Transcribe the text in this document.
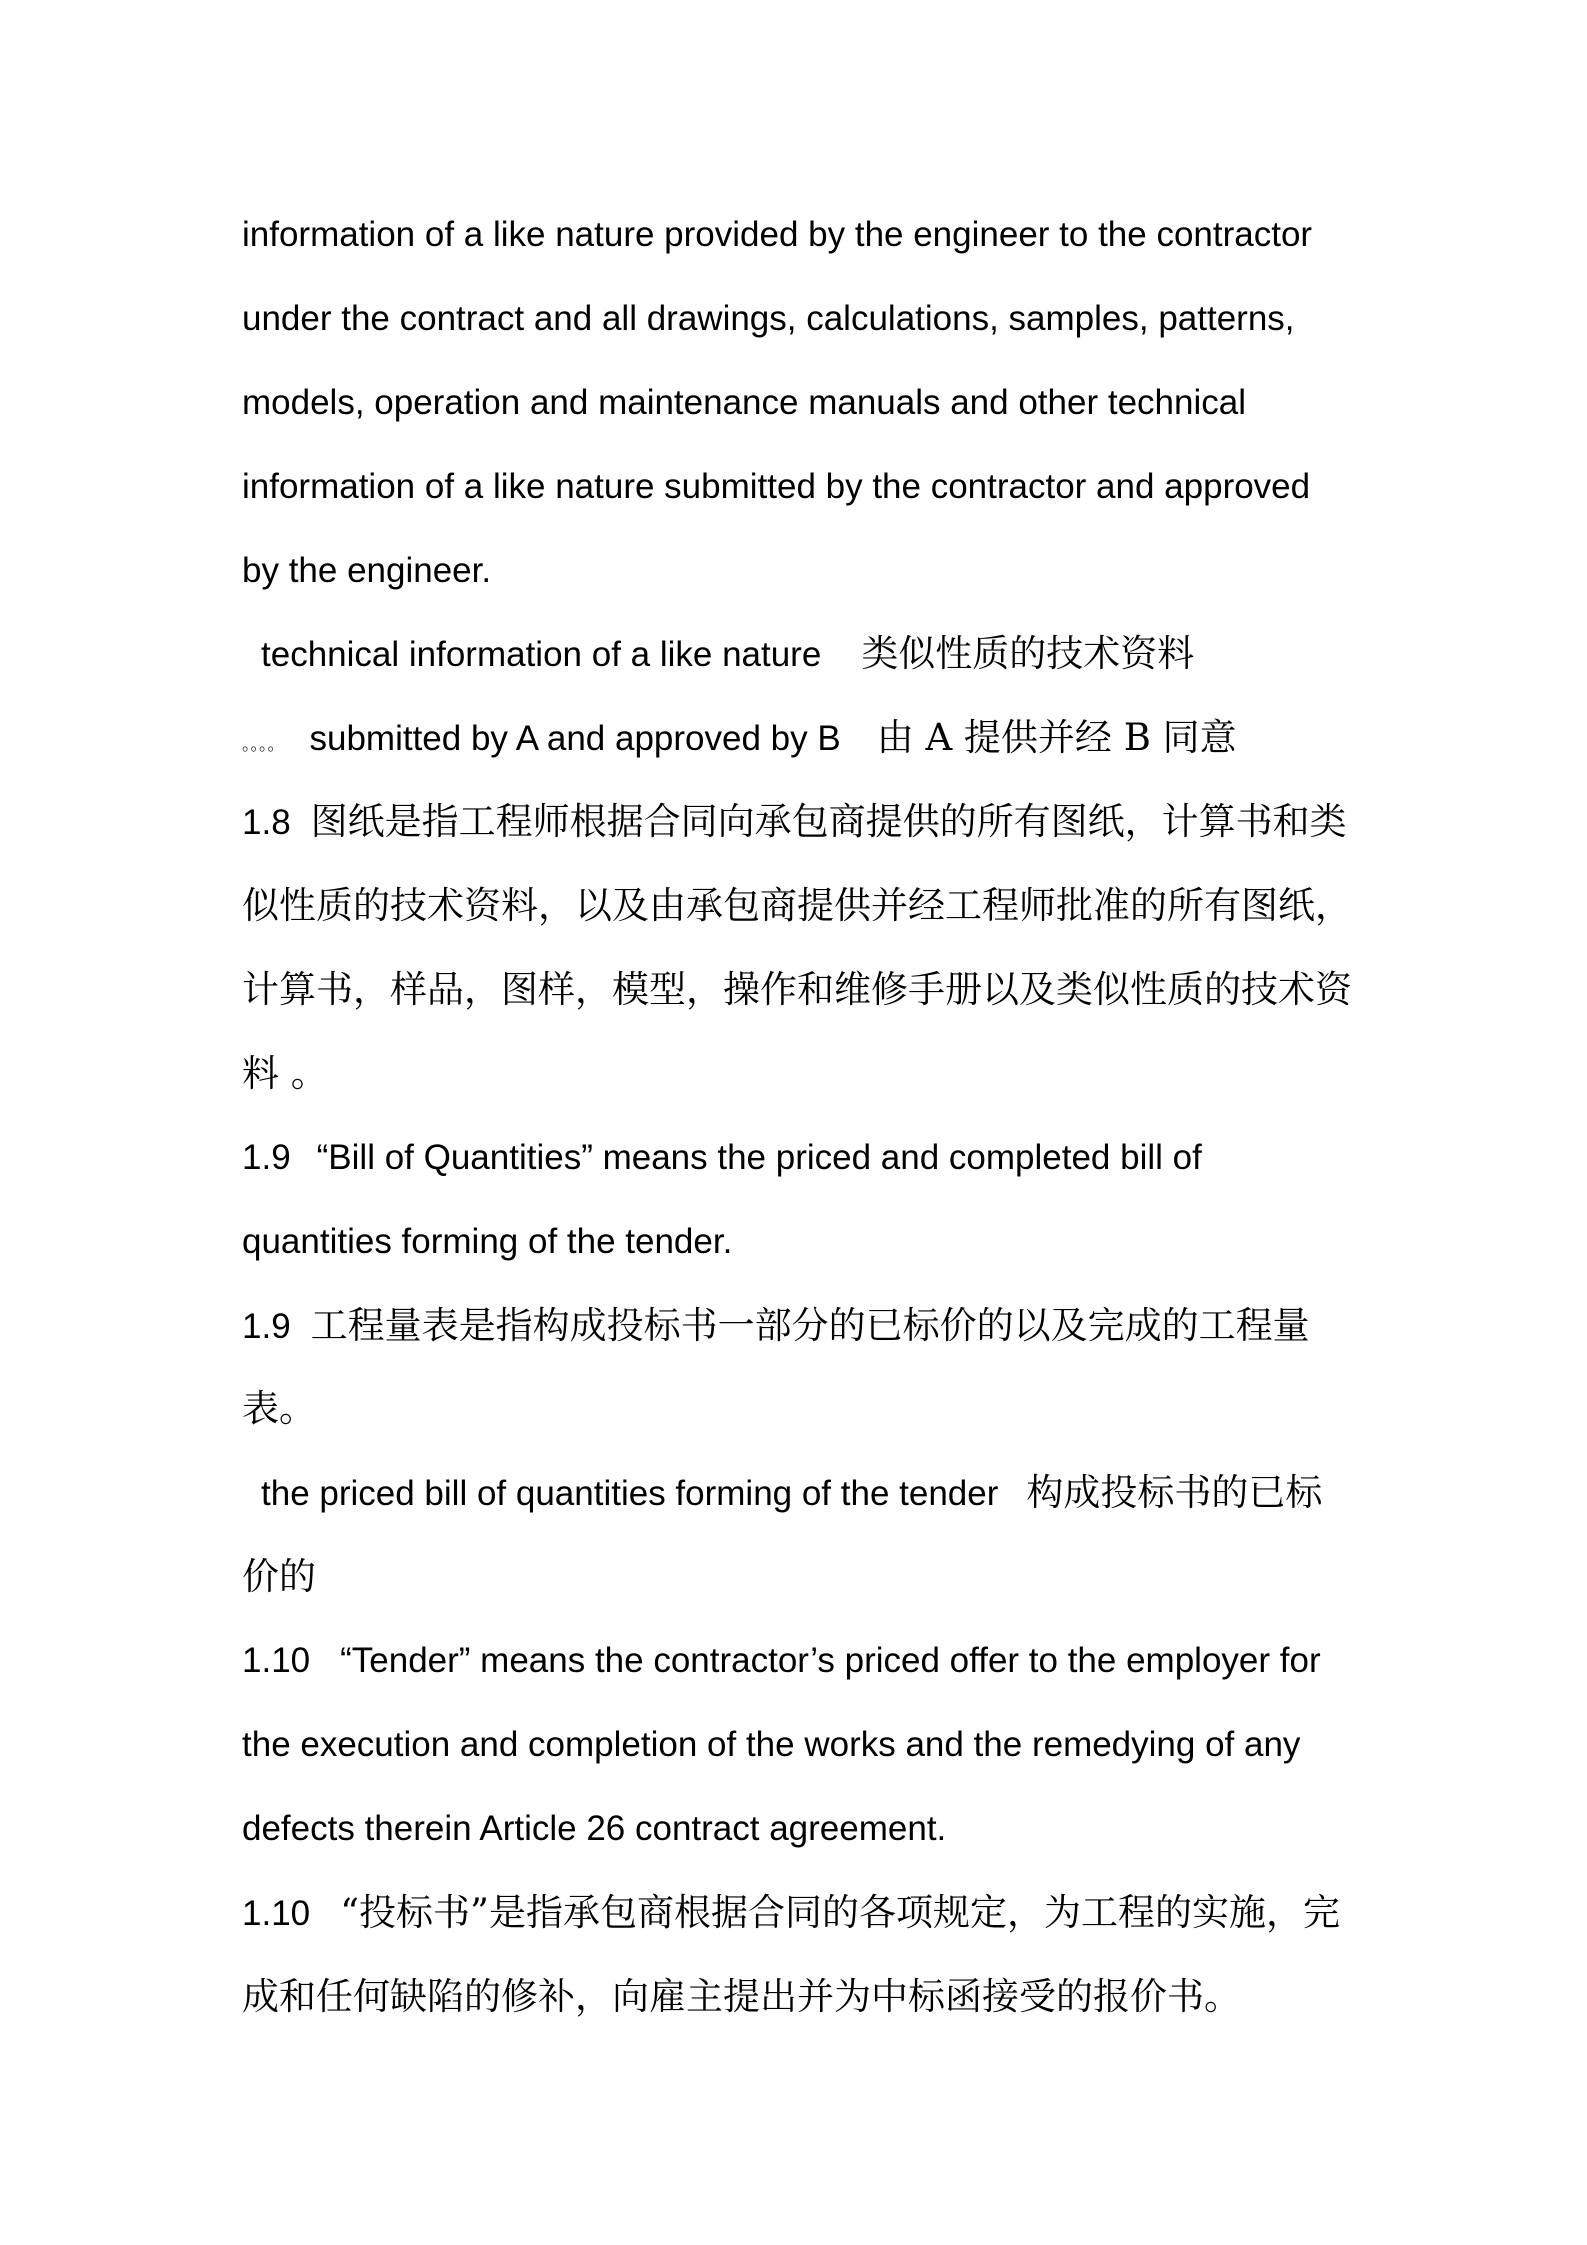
information of a like nature provided by the engineer to the contractor
under the contract and all drawings, calculations, samples, patterns,
models, operation and maintenance manuals and other technical
information of a like nature submitted by the contractor and approved
by the engineer.
technical information of a like nature 类似性质的技术资料
。。。。 submitted by A and approved by B 由 A 提供并经 B 同意
1.8 图纸是指工程师根据合同向承包商提供的所有图纸，计算书和类
似性质的技术资料，以及由承包商提供并经工程师批准的所有图纸，
计算书，样品，图样，模型，操作和维修手册以及类似性质的技术资
料 。
1.9 “Bill of Quantities” means the priced and completed bill of
quantities forming of the tender.
1.9 工程量表是指构成投标书一部分的已标价的以及完成的工程量
表。
the priced bill of quantities forming of the tender 构成投标书的已标
价的
1.10 “Tender” means the contractor’s priced offer to the employer for
the execution and completion of the works and the remedying of any
defects therein Article 26 contract agreement.
1.10 “投标书”是指承包商根据合同的各项规定，为工程的实施，完
成和任何缺陷的修补，向雇主提出并为中标函接受的报价书。
